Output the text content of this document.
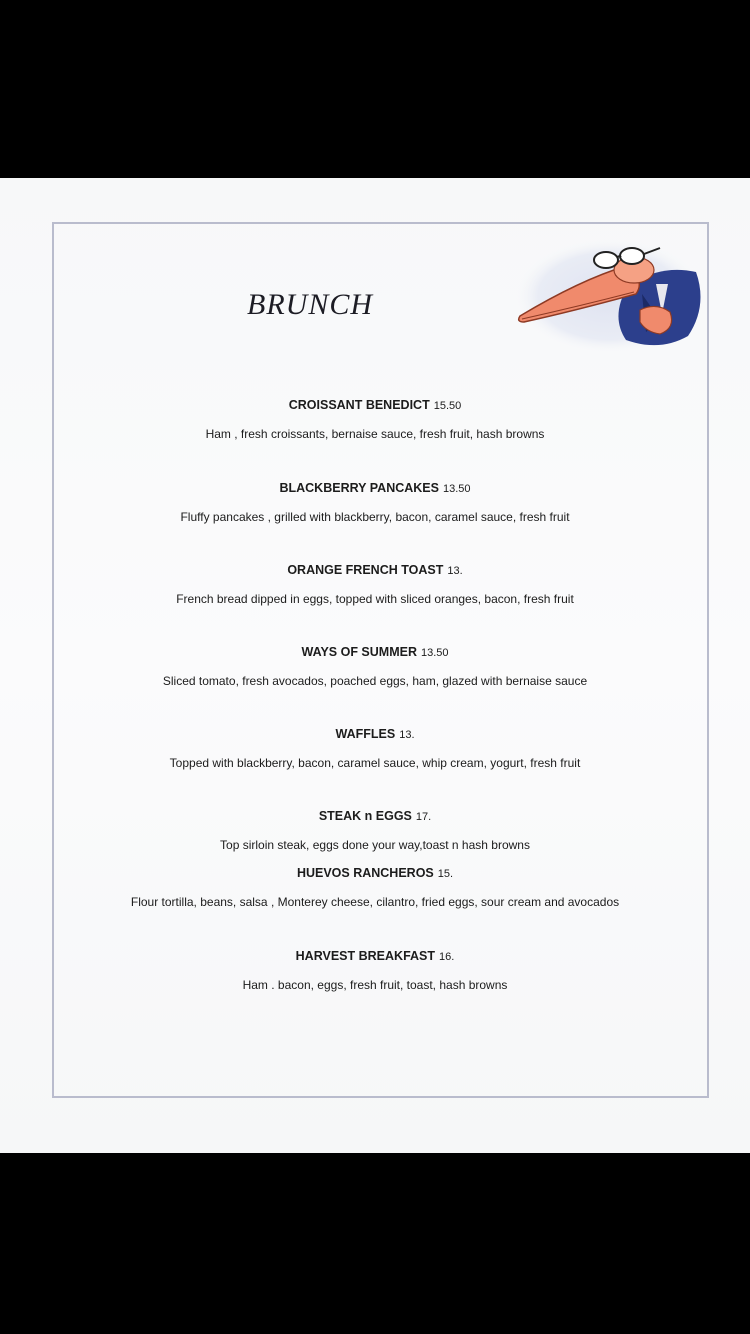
BRUNCH
CROISSANT BENEDICT 15.50
Ham , fresh croissants, bernaise sauce, fresh fruit, hash browns
BLACKBERRY PANCAKES 13.50
Fluffy pancakes , grilled with blackberry, bacon, caramel sauce, fresh fruit
ORANGE FRENCH TOAST 13.
French bread dipped in eggs, topped with sliced oranges, bacon, fresh fruit
WAYS OF SUMMER 13.50
Sliced tomato, fresh avocados, poached eggs, ham, glazed with bernaise sauce
WAFFLES 13.
Topped with blackberry, bacon, caramel sauce, whip cream, yogurt, fresh fruit
STEAK n EGGS 17.
Top sirloin steak, eggs done your way,toast n hash browns
HUEVOS RANCHEROS 15.
Flour tortilla, beans, salsa , Monterey cheese, cilantro, fried eggs, sour cream and avocados
HARVEST BREAKFAST 16.
Ham . bacon, eggs, fresh fruit, toast, hash browns
